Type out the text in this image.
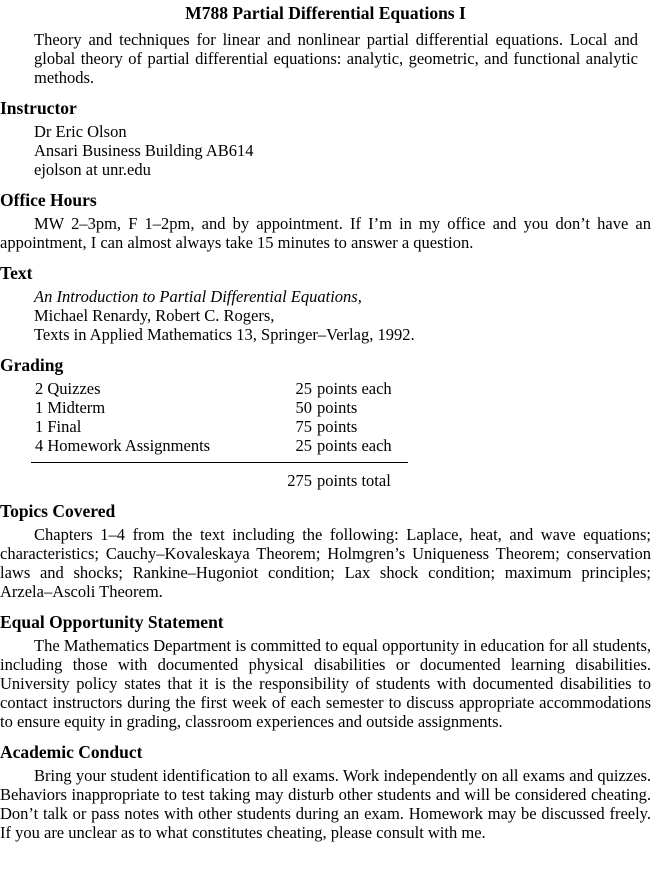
M788 Partial Differential Equations I

Theory and techniques for linear and nonlinear partial differential equations. Local and global theory of partial differential equations: analytic, geometric, and functional analytic methods.

Instructor
Dr Eric Olson
Ansari Business Building AB614
ejolson at unr.edu
Office Hours

MW 2–3pm, F 1–2pm, and by appointment. If I’m in my office and you don’t have an appointment, I can almost always take 15 minutes to answer a question.

Text
An Introduction to Partial Differential Equations,
Michael Renardy, Robert C. Rogers,
Texts in Applied Mathematics 13, Springer–Verlag, 1992.
Grading
2 Quizzes	25 points each
1 Midterm	50 points
1 Final	75 points
4 Homework Assignments	25 points each

	275 points total
Topics Covered

Chapters 1–4 from the text including the following: Laplace, heat, and wave equations; characteristics; Cauchy–Kovaleskaya Theorem; Holmgren’s Uniqueness Theorem; conservation laws and shocks; Rankine–Hugoniot condition; Lax shock condition; maximum principles; Arzela–Ascoli Theorem.

Equal Opportunity Statement

The Mathematics Department is committed to equal opportunity in education for all students, including those with documented physical disabilities or documented learning disabilities. University policy states that it is the responsibility of students with documented disabilities to contact instructors during the first week of each semester to discuss appropriate accommodations to ensure equity in grading, classroom experiences and outside assignments.

Academic Conduct

Bring your student identification to all exams. Work independently on all exams and quizzes. Behaviors inappropriate to test taking may disturb other students and will be considered cheating. Don’t talk or pass notes with other students during an exam. Homework may be discussed freely. If you are unclear as to what constitutes cheating, please consult with me.
